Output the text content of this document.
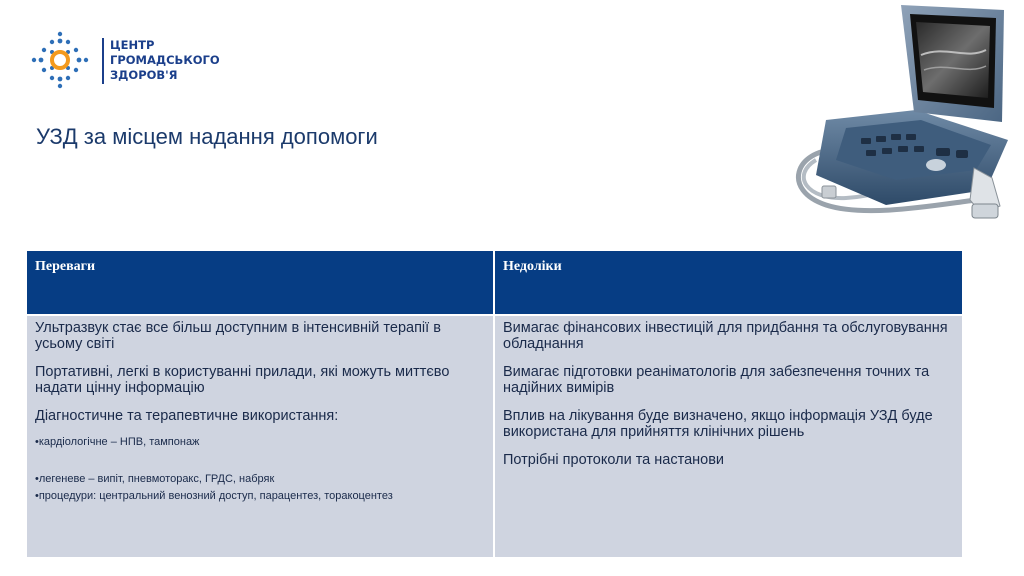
ЦЕНТР
ГРОМАДСЬКОГО
ЗДОРОВ'Я
УЗД за місцем надання допомоги
Переваги	Недоліки

Ультразвук стає все більш доступним в інтенсивній терапії в усьому світі

Портативні, легкі в користуванні прилади, які можуть миттєво надати цінну інформацію

Діагностичне та терапевтичне використання:

•кардіологічне – НПВ, тампонаж

•легеневе – випіт, пневмоторакс, ГРДС, набряк

•процедури: центральний венозний доступ, парацентез, торакоцентез

Вимагає фінансових інвестицій для придбання та обслуговування обладнання

Вимагає підготовки реаніматологів для забезпечення точних та надійних вимірів

Вплив на лікування буде визначено, якщо інформація УЗД буде використана для прийняття клінічних рішень

Потрібні протоколи та настанови
